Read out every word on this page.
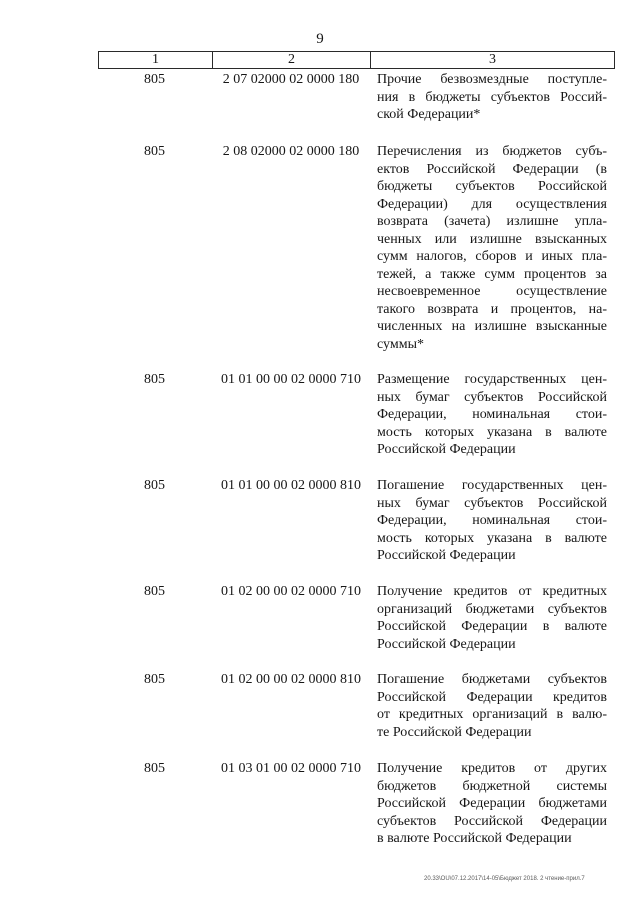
9
1	2	3
805	2 07 02000 02 0000 180	Прочие безвозмездные поступле-
ния в бюджеты субъектов Россий-
ской Федерации*
805	2 08 02000 02 0000 180	Перечисления из бюджетов субъ-
ектов Российской Федерации (в
бюджеты субъектов Российской
Федерации) для осуществления
возврата (зачета) излишне упла-
ченных или излишне взысканных
сумм налогов, сборов и иных пла-
тежей, а также сумм процентов за
несвоевременное осуществление
такого возврата и процентов, на-
численных на излишне взысканные
суммы*
805	01 01 00 00 02 0000 710	Размещение государственных цен-
ных бумаг субъектов Российской
Федерации, номинальная стои-
мость которых указана в валюте
Российской Федерации
805	01 01 00 00 02 0000 810	Погашение государственных цен-
ных бумаг субъектов Российской
Федерации, номинальная стои-
мость которых указана в валюте
Российской Федерации
805	01 02 00 00 02 0000 710	Получение кредитов от кредитных
организаций бюджетами субъектов
Российской Федерации в валюте
Российской Федерации
805	01 02 00 00 02 0000 810	Погашение бюджетами субъектов
Российской Федерации кредитов
от кредитных организаций в валю-
те Российской Федерации
805	01 03 01 00 02 0000 710	Получение кредитов от других
бюджетов бюджетной системы
Российской Федерации бюджетами
субъектов Российской Федерации
в валюте Российской Федерации
20.33\OU\07.12.2017\14-05\Бюджет 2018. 2 чтение-прил.7
